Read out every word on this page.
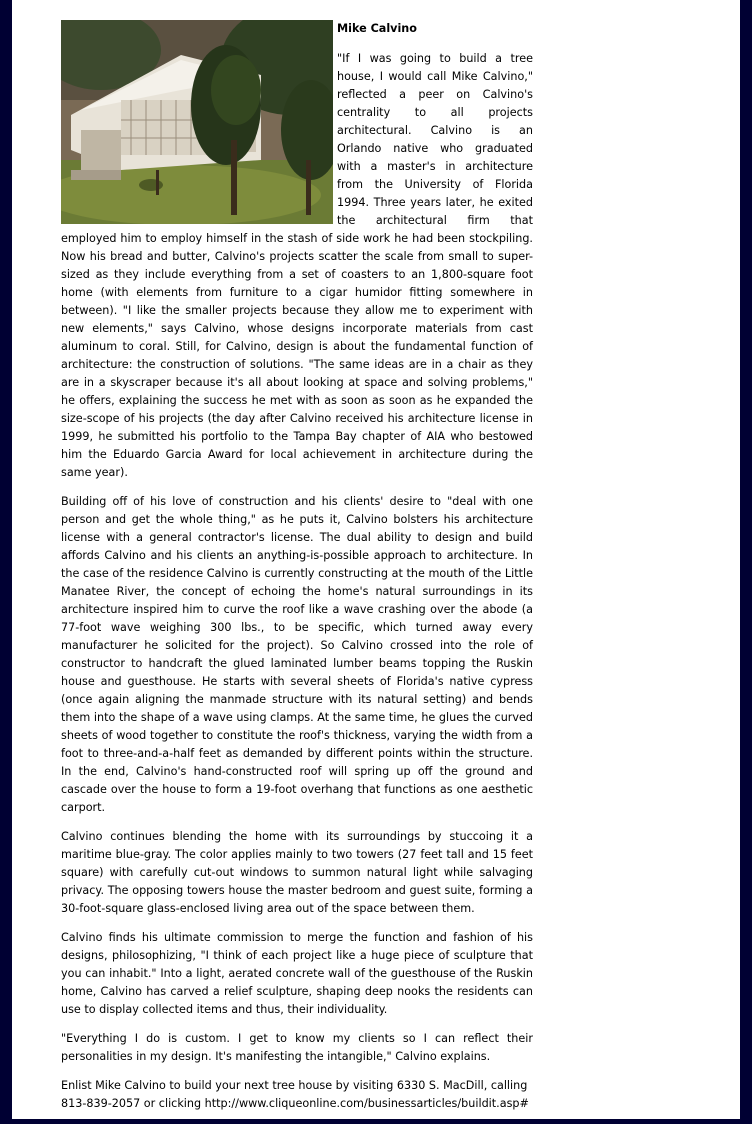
Mike Calvino

"If I was going to build a tree house, I would call Mike Calvino," reflected a peer on Calvino's centrality to all projects architectural. Calvino is an Orlando native who graduated with a master's in architecture from the University of Florida 1994. Three years later, he exited the architectural firm that employed him to employ himself in the stash of side work he had been stockpiling. Now his bread and butter, Calvino's projects scatter the scale from small to super-sized as they include everything from a set of coasters to an 1,800-square foot home (with elements from furniture to a cigar humidor fitting somewhere in between). "I like the smaller projects because they allow me to experiment with new elements," says Calvino, whose designs incorporate materials from cast aluminum to coral. Still, for Calvino, design is about the fundamental function of architecture: the construction of solutions. "The same ideas are in a chair as they are in a skyscraper because it's all about looking at space and solving problems," he offers, explaining the success he met with as soon as soon as he expanded the size-scope of his projects (the day after Calvino received his architecture license in 1999, he submitted his portfolio to the Tampa Bay chapter of AIA who bestowed him the Eduardo Garcia Award for local achievement in architecture during the same year).

Building off of his love of construction and his clients' desire to "deal with one person and get the whole thing," as he puts it, Calvino bolsters his architecture license with a general contractor's license. The dual ability to design and build affords Calvino and his clients an anything-is-possible approach to architecture. In the case of the residence Calvino is currently constructing at the mouth of the Little Manatee River, the concept of echoing the home's natural surroundings in its architecture inspired him to curve the roof like a wave crashing over the abode (a 77-foot wave weighing 300 lbs., to be specific, which turned away every manufacturer he solicited for the project). So Calvino crossed into the role of constructor to handcraft the glued laminated lumber beams topping the Ruskin house and guesthouse. He starts with several sheets of Florida's native cypress (once again aligning the manmade structure with its natural setting) and bends them into the shape of a wave using clamps. At the same time, he glues the curved sheets of wood together to constitute the roof's thickness, varying the width from a foot to three-and-a-half feet as demanded by different points within the structure. In the end, Calvino's hand-constructed roof will spring up off the ground and cascade over the house to form a 19-foot overhang that functions as one aesthetic carport.

Calvino continues blending the home with its surroundings by stuccoing it a maritime blue-gray. The color applies mainly to two towers (27 feet tall and 15 feet square) with carefully cut-out windows to summon natural light while salvaging privacy. The opposing towers house the master bedroom and guest suite, forming a 30-foot-square glass-enclosed living area out of the space between them.

Calvino finds his ultimate commission to merge the function and fashion of his designs, philosophizing, "I think of each project like a huge piece of sculpture that you can inhabit." Into a light, aerated concrete wall of the guesthouse of the Ruskin home, Calvino has carved a relief sculpture, shaping deep nooks the residents can use to display collected items and thus, their individuality.

"Everything I do is custom. I get to know my clients so I can reflect their personalities in my design. It's manifesting the intangible," Calvino explains.

Enlist Mike Calvino to build your next tree house by visiting 6330 S. MacDill, calling 813-839-2057 or clicking http://www.cliqueonline.com/businessarticles/buildit.asp#
